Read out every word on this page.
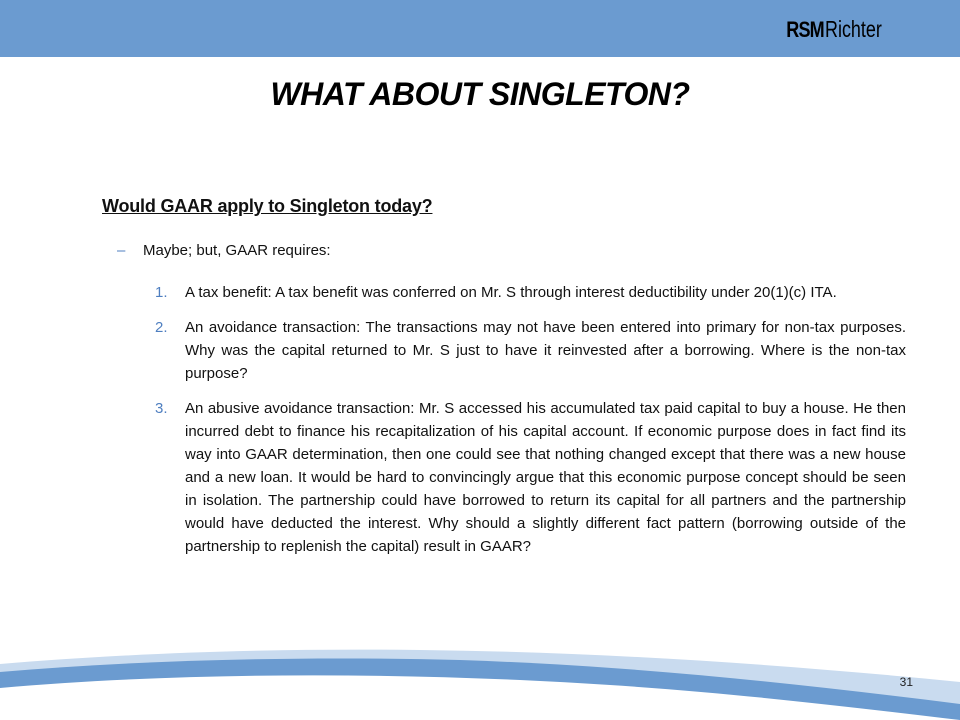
RSM Richter
WHAT ABOUT SINGLETON?
Would GAAR apply to Singleton today?
–	Maybe; but, GAAR requires:
1. A tax benefit: A tax benefit was conferred on Mr. S through interest deductibility under 20(1)(c) ITA.
2. An avoidance transaction: The transactions may not have been entered into primary for non-tax purposes. Why was the capital returned to Mr. S just to have it reinvested after a borrowing. Where is the non-tax purpose?
3. An abusive avoidance transaction: Mr. S accessed his accumulated tax paid capital to buy a house. He then incurred debt to finance his recapitalization of his capital account. If economic purpose does in fact find its way into GAAR determination, then one could see that nothing changed except that there was a new house and a new loan. It would be hard to convincingly argue that this economic purpose concept should be seen in isolation. The partnership could have borrowed to return its capital for all partners and the partnership would have deducted the interest. Why should a slightly different fact pattern (borrowing outside of the partnership to replenish the capital) result in GAAR?
31
